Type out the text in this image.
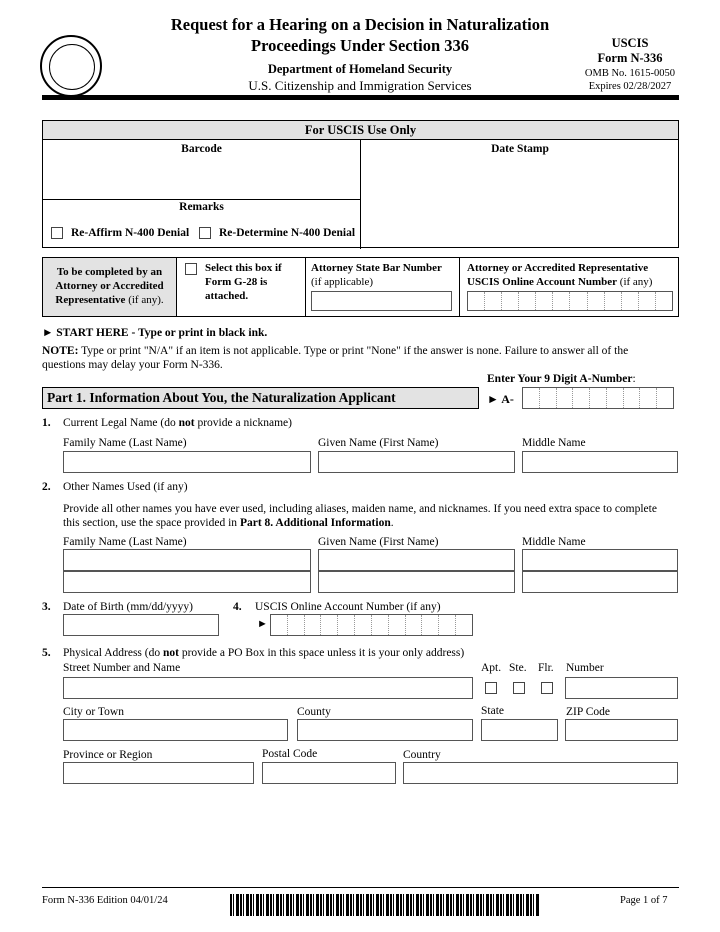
Request for a Hearing on a Decision in Naturalization
Proceedings Under Section 336
Department of Homeland Security
U.S. Citizenship and Immigration Services
USCIS
Form N-336
OMB No. 1615-0050
Expires 02/28/2027
For USCIS Use Only
Barcode	Date Stamp
Remarks
Re-Affirm N-400 Denial	Re-Determine N-400 Denial
To be completed by an
Attorney or Accredited
Representative (if any).
Select this box if
Form G-28 is
attached.
Attorney State Bar Number
(if applicable)
Attorney or Accredited Representative
USCIS Online Account Number (if any)
► START HERE - Type or print in black ink.
NOTE: Type or print "N/A" if an item is not applicable. Type or print "None" if the answer is none. Failure to answer all of the
questions may delay your Form N-336.
Enter Your 9 Digit A-Number:
► A-
Part 1. Information About You, the Naturalization Applicant
1. Current Legal Name (do not provide a nickname)
Family Name (Last Name)	Given Name (First Name)	Middle Name
2. Other Names Used (if any)
Provide all other names you have ever used, including aliases, maiden name, and nicknames. If you need extra space to complete
this section, use the space provided in Part 8. Additional Information.
Family Name (Last Name)	Given Name (First Name)	Middle Name
3. Date of Birth (mm/dd/yyyy)	4. USCIS Online Account Number (if any)
►
5. Physical Address (do not provide a PO Box in this space unless it is your only address)
Street Number and Name	Apt. Ste. Flr. Number
City or Town	County	State	ZIP Code
Province or Region	Postal Code	Country
Form N-336 Edition 04/01/24	Page 1 of 7
